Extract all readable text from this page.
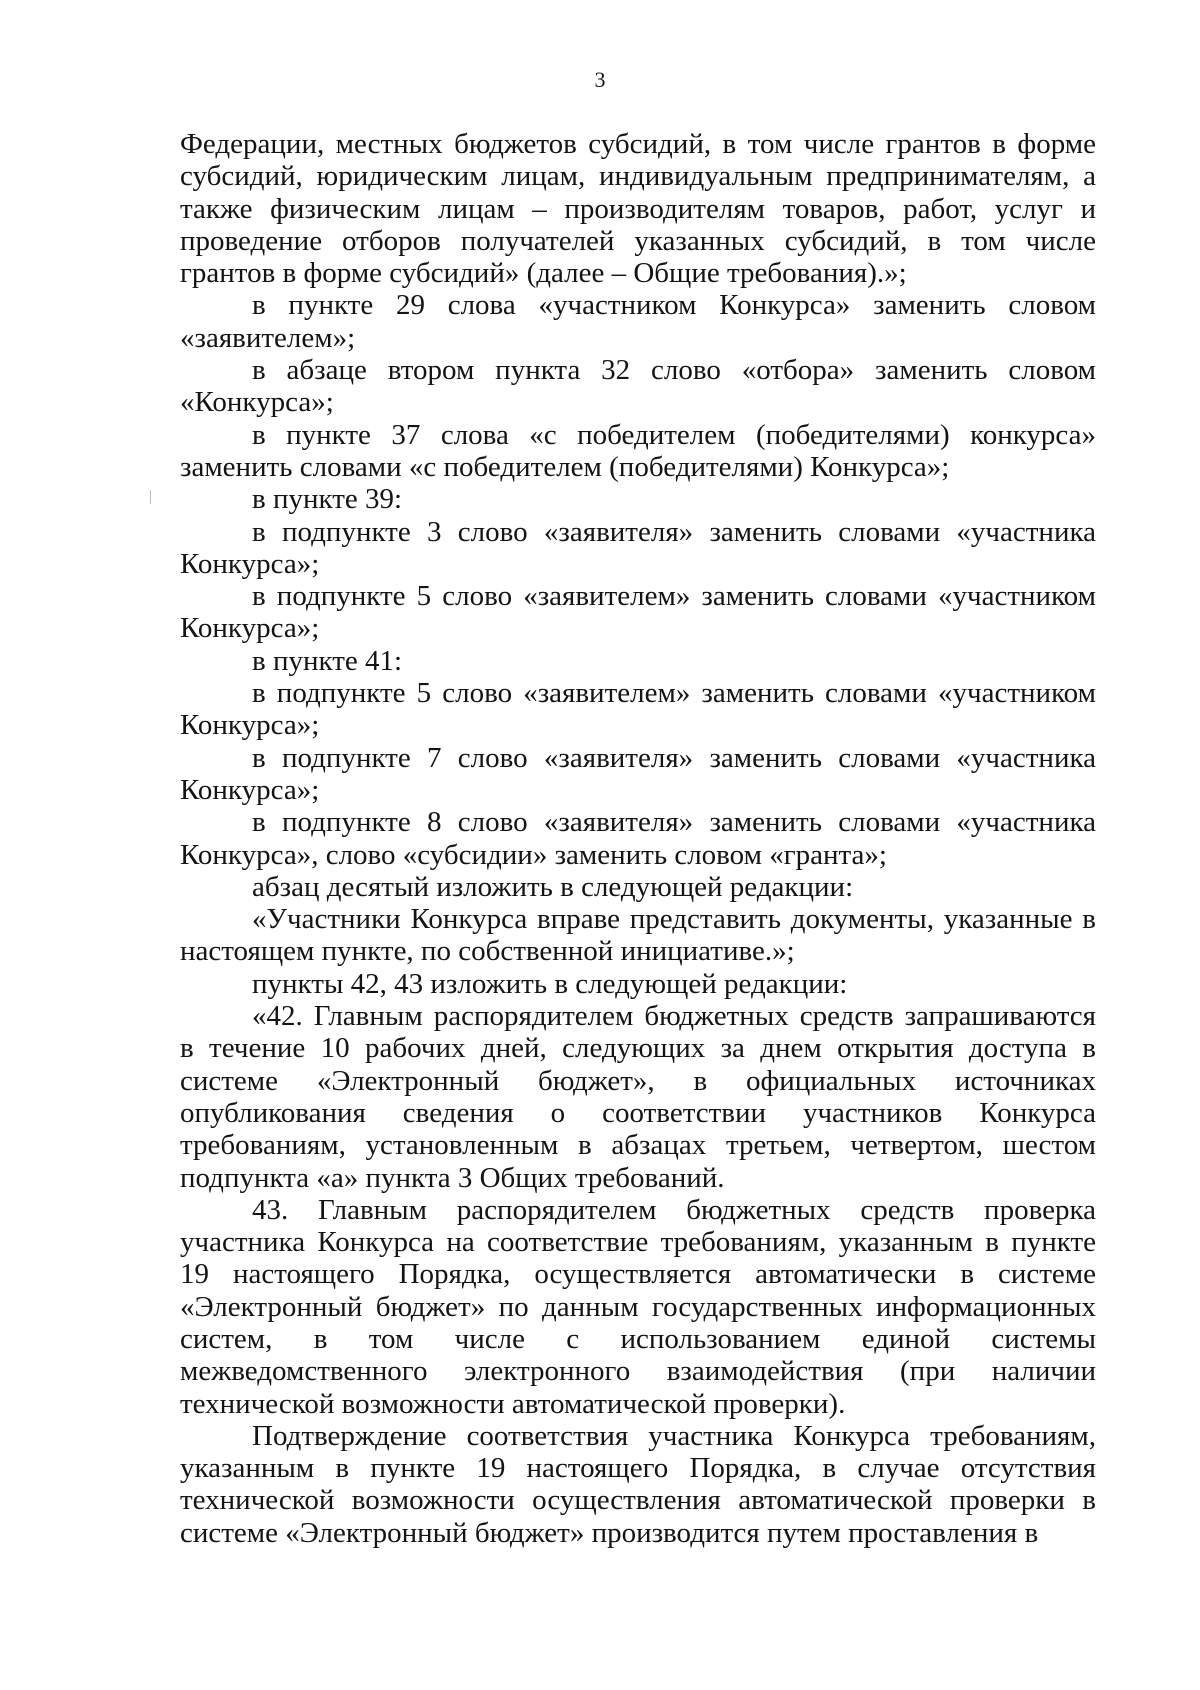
3

Федерации, местных бюджетов субсидий, в том числе грантов в форме субсидий, юридическим лицам, индивидуальным предпринимателям, а также физическим лицам – производителям товаров, работ, услуг и проведение отборов получателей указанных субсидий, в том числе грантов в форме субсидий» (далее – Общие требования).»;

в пункте 29 слова «участником Конкурса» заменить словом «заявителем»;

в абзаце втором пункта 32 слово «отбора» заменить словом «Конкурса»;

в пункте 37 слова «с победителем (победителями) конкурса» заменить словами «с победителем (победителями) Конкурса»;

в пункте 39:

в подпункте 3 слово «заявителя» заменить словами «участника Конкурса»;

в подпункте 5 слово «заявителем» заменить словами «участником Конкурса»;

в пункте 41:

в подпункте 5 слово «заявителем» заменить словами «участником Конкурса»;

в подпункте 7 слово «заявителя» заменить словами «участника Конкурса»;

в подпункте 8 слово «заявителя» заменить словами «участника Конкурса», слово «субсидии» заменить словом «гранта»;

абзац десятый изложить в следующей редакции:

«Участники Конкурса вправе представить документы, указанные в настоящем пункте, по собственной инициативе.»;

пункты 42, 43 изложить в следующей редакции:

«42. Главным распорядителем бюджетных средств запрашиваются в течение 10 рабочих дней, следующих за днем открытия доступа в системе «Электронный бюджет», в официальных источниках опубликования сведения о соответствии участников Конкурса требованиям, установленным в абзацах третьем, четвертом, шестом подпункта «а» пункта 3 Общих требований.

43. Главным распорядителем бюджетных средств проверка участника Конкурса на соответствие требованиям, указанным в пункте 19 настоящего Порядка, осуществляется автоматически в системе «Электронный бюджет» по данным государственных информационных систем, в том числе с использованием единой системы межведомственного электронного взаимодействия (при наличии технической возможности автоматической проверки).

Подтверждение соответствия участника Конкурса требованиям, указанным в пункте 19 настоящего Порядка, в случае отсутствия технической возможности осуществления автоматической проверки в системе «Электронный бюджет» производится путем проставления в
